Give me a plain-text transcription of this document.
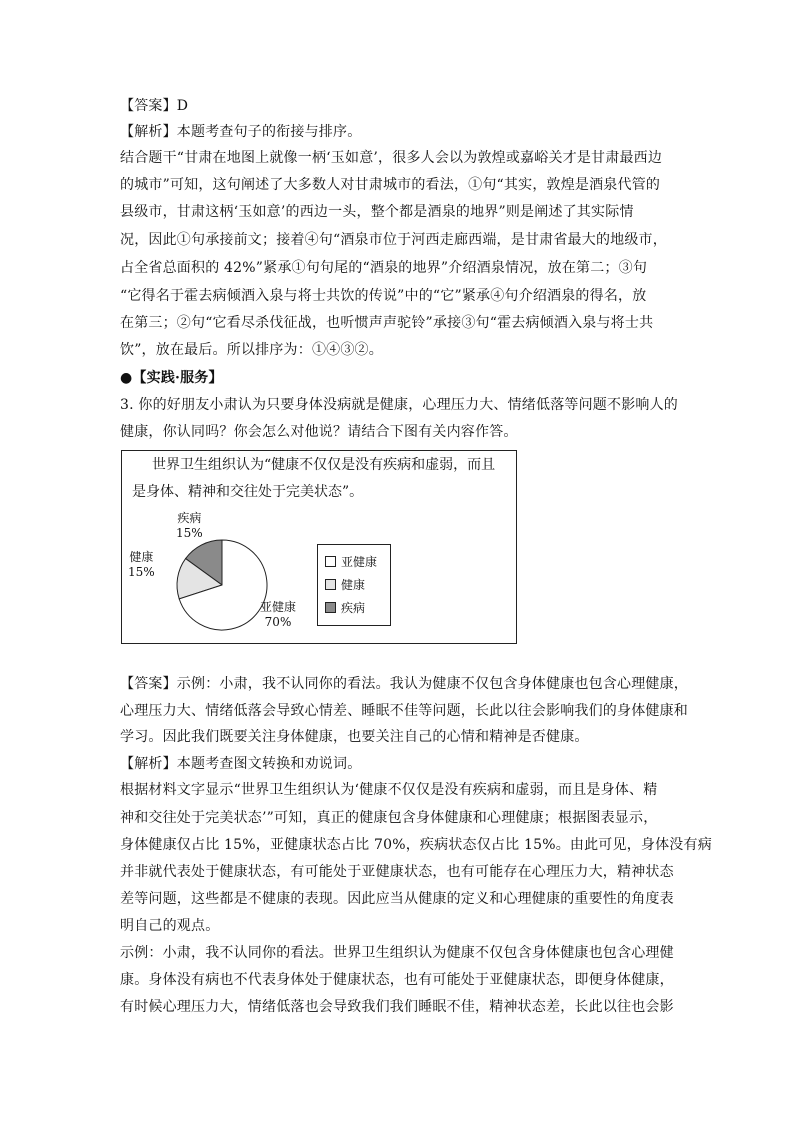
【答案】D
【解析】本题考查句子的衔接与排序。
结合题干“甘肃在地图上就像一柄‘玉如意’，很多人会以为敦煌或嘉峪关才是甘肃最西边
的城市”可知，这句阐述了大多数人对甘肃城市的看法，①句“其实，敦煌是酒泉代管的
县级市，甘肃这柄‘玉如意’的西边一头，整个都是酒泉的地界”则是阐述了其实际情
况，因此①句承接前文；接着④句“酒泉市位于河西走廊西端，是甘肃省最大的地级市，
占全省总面积的 42%”紧承①句句尾的“酒泉的地界”介绍酒泉情况，放在第二；③句
“它得名于霍去病倾酒入泉与将士共饮的传说”中的“它”紧承④句介绍酒泉的得名，放
在第三；②句“它看尽杀伐征战，也听惯声声驼铃”承接③句“霍去病倾酒入泉与将士共
饮”，放在最后。所以排序为：①④③②。
●【实践·服务】
3. 你的好朋友小肃认为只要身体没病就是健康，心理压力大、情绪低落等问题不影响人的
健康，你认同吗？你会怎么对他说？请结合下图有关内容作答。
世界卫生组织认为“健康不仅仅是没有疾病和虚弱，而且
是身体、精神和交往处于完美状态”。
疾病
15%
健康
15%
亚健康
70%
亚健康
健康
疾病
【答案】示例：小肃，我不认同你的看法。我认为健康不仅包含身体健康也包含心理健康，
心理压力大、情绪低落会导致心情差、睡眠不佳等问题，长此以往会影响我们的身体健康和
学习。因此我们既要关注身体健康，也要关注自己的心情和精神是否健康。
【解析】本题考查图文转换和劝说词。
根据材料文字显示“世界卫生组织认为‘健康不仅仅是没有疾病和虚弱，而且是身体、精
神和交往处于完美状态’”可知，真正的健康包含身体健康和心理健康；根据图表显示，
身体健康仅占比 15%，亚健康状态占比 70%，疾病状态仅占比 15%。由此可见，身体没有病
并非就代表处于健康状态，有可能处于亚健康状态，也有可能存在心理压力大，精神状态
差等问题，这些都是不健康的表现。因此应当从健康的定义和心理健康的重要性的角度表
明自己的观点。
示例：小肃，我不认同你的看法。世界卫生组织认为健康不仅包含身体健康也包含心理健
康。身体没有病也不代表身体处于健康状态，也有可能处于亚健康状态，即便身体健康，
有时候心理压力大，情绪低落也会导致我们我们睡眠不佳，精神状态差，长此以往也会影
